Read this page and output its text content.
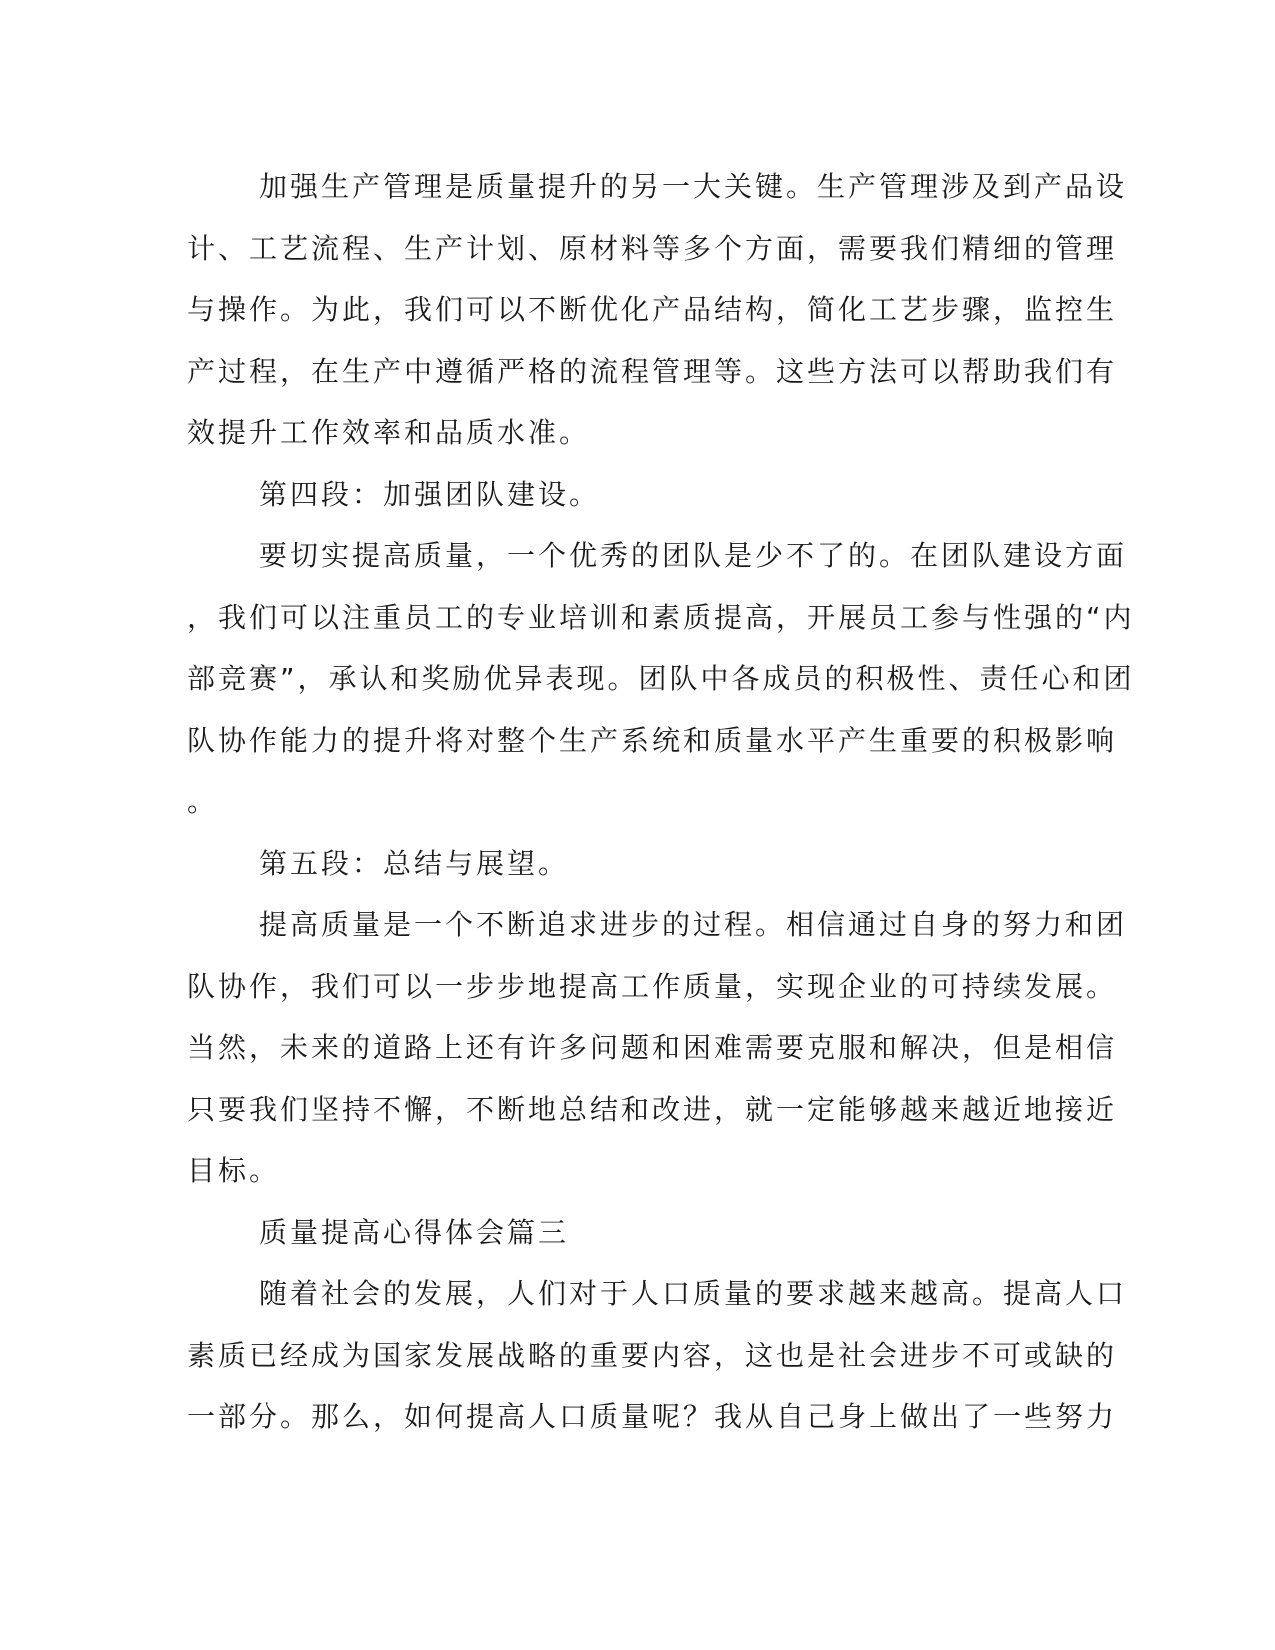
加强生产管理是质量提升的另一大关键。生产管理涉及到产品设
计、工艺流程、生产计划、原材料等多个方面，需要我们精细的管理
与操作。为此，我们可以不断优化产品结构，简化工艺步骤，监控生
产过程，在生产中遵循严格的流程管理等。这些方法可以帮助我们有
效提升工作效率和品质水准。

第四段：加强团队建设。

要切实提高质量，一个优秀的团队是少不了的。在团队建设方面
，我们可以注重员工的专业培训和素质提高，开展员工参与性强的“内
部竞赛”，承认和奖励优异表现。团队中各成员的积极性、责任心和团
队协作能力的提升将对整个生产系统和质量水平产生重要的积极影响
。

第五段：总结与展望。

提高质量是一个不断追求进步的过程。相信通过自身的努力和团
队协作，我们可以一步步地提高工作质量，实现企业的可持续发展。
当然，未来的道路上还有许多问题和困难需要克服和解决，但是相信
只要我们坚持不懈，不断地总结和改进，就一定能够越来越近地接近
目标。

质量提高心得体会篇三

随着社会的发展，人们对于人口质量的要求越来越高。提高人口
素质已经成为国家发展战略的重要内容，这也是社会进步不可或缺的
一部分。那么，如何提高人口质量呢？我从自己身上做出了一些努力
